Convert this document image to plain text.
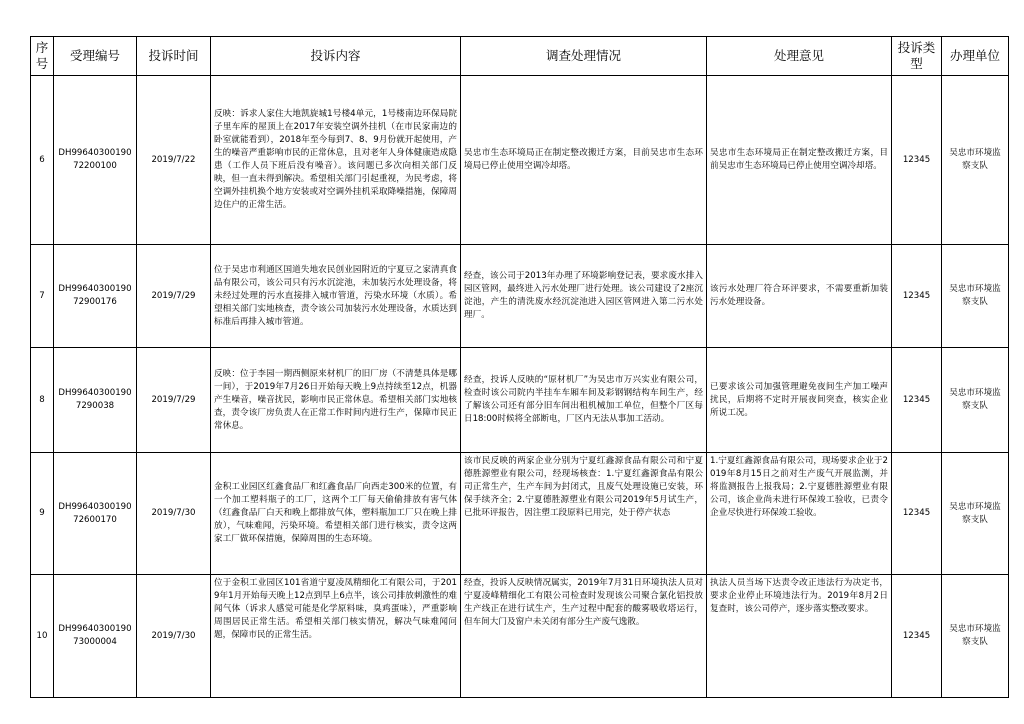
序号	受理编号	投诉时间	投诉内容	调查处理情况	处理意见	投诉类型	办理单位
6	DH9964030019072200100	2019/7/22	反映：诉求人家住大地凯旋城1号楼4单元，1号楼南边环保局院子里车库的屋顶上在2017年安装空调外挂机（在市民家南边的卧室就能看到），2018年至今每到7、8、9月份就开起使用，产生的噪音严重影响市民的正常休息，且对老年人身体健康造成隐患（工作人员下班后没有噪音）。该问题已多次向相关部门反映，但一直未得到解决。希望相关部门引起重视，为民考虑，将空调外挂机换个地方安装或对空调外挂机采取降噪措施，保障周边住户的正常生活。	吴忠市生态环境局正在制定整改搬迁方案，目前吴忠市生态环境局已停止使用空调冷却塔。	吴忠市生态环境局正在制定整改搬迁方案，目前吴忠市生态环境局已停止使用空调冷却塔。	12345	吴忠市环境监察支队
7	DH9964030019072900176	2019/7/29	位于吴忠市利通区国道失地农民创业园附近的宁夏豆之家清真食品有限公司，该公司只有污水沉淀池，未加装污水处理设备，将未经过处理的污水直接排入城市管道，污染水环境（水质）。希望相关部门实地核查，责令该公司加装污水处理设备，水质达到标准后再排入城市管道。	经查，该公司于2013年办理了环境影响登记表，要求废水排入园区管网，最终进入污水处理厂进行处理。该公司建设了2座沉淀池，产生的清洗废水经沉淀池进入园区管网进入第二污水处理厂。	该污水处理厂符合环评要求，不需要重新加装污水处理设备。	12345	吴忠市环境监察支队
8	DH996403001907290038	2019/7/29	反映：位于李园一期西侧原来材机厂的旧厂房（不清楚具体是哪一间），于2019年7月26日开始每天晚上9点持续至12点，机器产生噪音，噪音扰民，影响市民正常休息。希望相关部门实地核查，责令该厂房负责人在正常工作时间内进行生产，保障市民正常休息。	经查，投诉人反映的“原材机厂”为吴忠市万兴实业有限公司，检查时该公司院内半挂车车厢车间及彩钢钢结构车间生产，经了解该公司还有部分旧车间出租机械加工单位，但整个厂区每日18:00时候将全部断电，厂区内无法从事加工活动。	已要求该公司加强管理避免夜间生产加工噪声扰民，后期将不定时开展夜间突查，核实企业所说工况。	12345	吴忠市环境监察支队
9	DH9964030019072600170	2019/7/30	金积工业园区红鑫食品厂和红鑫食品厂向西走300米的位置，有一个加工塑料瓶子的工厂，这两个工厂每天偷偷排放有害气体（红鑫食品厂白天和晚上都排放气体，塑料瓶加工厂只在晚上排放），气味难闻，污染环境。希望相关部门进行核实，责令这两家工厂做环保措施，保障周围的生态环境。	该市民反映的两家企业分别为宁夏红鑫源食品有限公司和宁夏德胜源塑业有限公司，经现场核查：1.宁夏红鑫源食品有限公司正常生产，生产车间为封闭式，且废气处理设施已安装，环保手续齐全；2.宁夏德胜源塑业有限公司2019年5月试生产，已批环评报告，因注塑工段原料已用完，处于停产状态	1.宁夏红鑫源食品有限公司，现场要求企业于2019年8月15日之前对生产废气开展监测，并将监测报告上报我局；2.宁夏德胜源塑业有限公司，该企业尚未进行环保竣工验收，已责令企业尽快进行环保竣工验收。	12345	吴忠市环境监察支队
10	DH9964030019073000004	2019/7/30	位于金积工业园区101省道宁夏凌凤精细化工有限公司，于2019年1月开始每天晚上12点到早上6点半，该公司排放刺激性的难闻气体（诉求人感觉可能是化学原料味，臭鸡蛋味），严重影响周围居民正常生活。希望相关部门核实情况，解决气味难闻问题，保障市民的正常生活。	经查，投诉人反映情况属实，2019年7月31日环境执法人员对宁夏凌峰精细化工有限公司检查时发现该公司聚合氯化铝投放生产线正在进行试生产，生产过程中配套的酸雾吸收塔运行，但车间大门及窗户未关闭有部分生产废气逸散。	执法人员当场下达责令改正违法行为决定书，要求企业停止环境违法行为。2019年8月2日复查时，该公司停产，逐步落实整改要求。	12345	吴忠市环境监察支队
